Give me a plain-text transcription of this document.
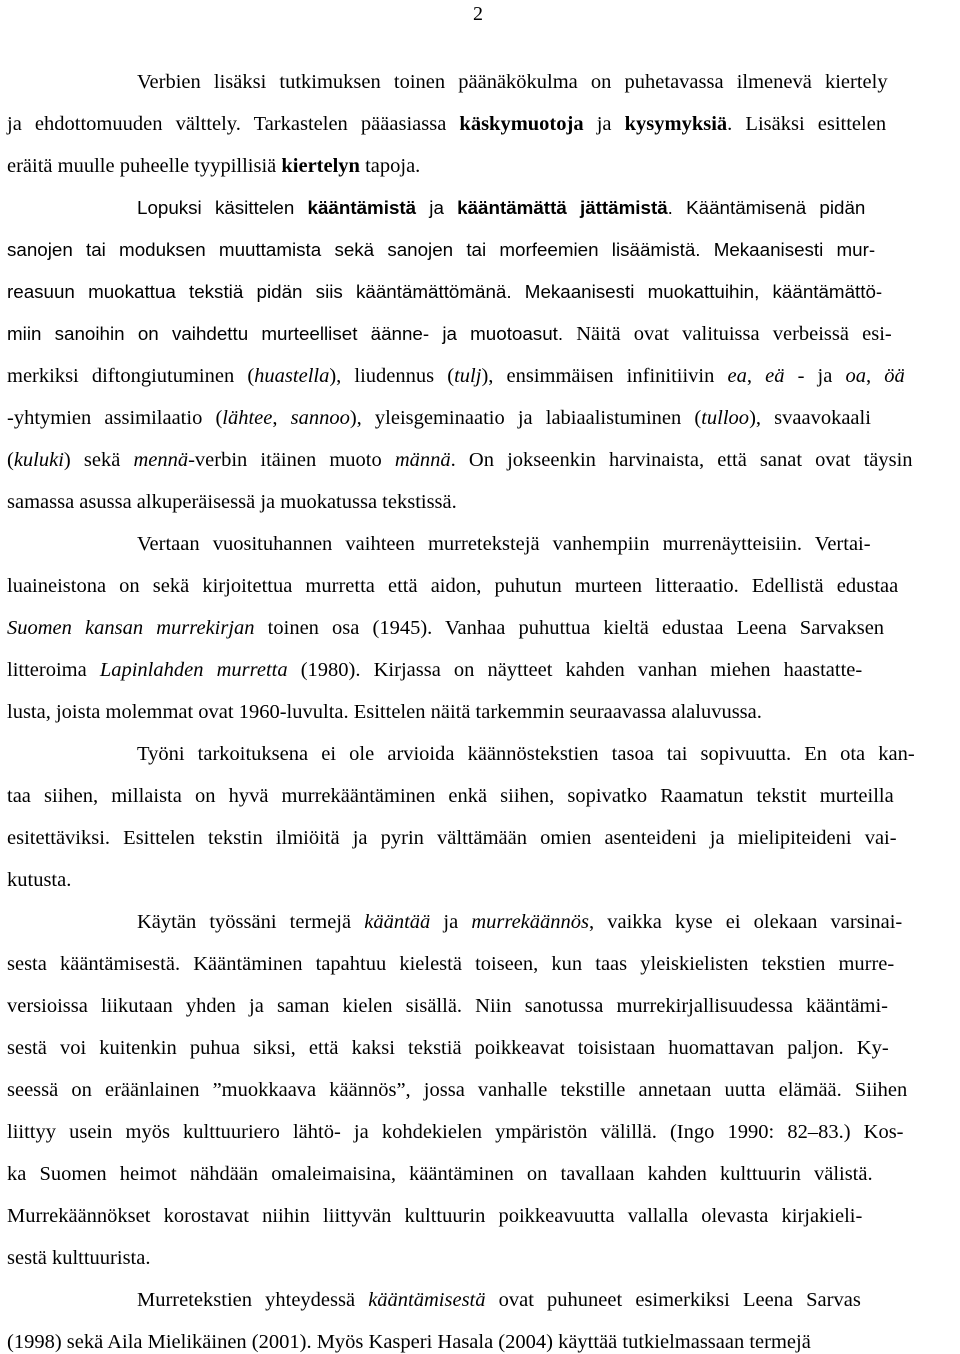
2
Verbien lisäksi tutkimuksen toinen päänäkökulma on puhetavassa ilmenevä kiertely
ja ehdottomuuden välttely. Tarkastelen pääasiassa käskymuotoja ja kysymyksiä. Lisäksi esittelen
eräitä muulle puheelle tyypillisiä kiertelyn tapoja.
Lopuksi käsittelen kääntämistä ja kääntämättä jättämistä. Kääntämisenä pidän
sanojen tai moduksen muuttamista sekä sanojen tai morfeemien lisäämistä. Mekaanisesti mur-
reasuun muokattua tekstiä pidän siis kääntämättömänä. Mekaanisesti muokattuihin, kääntämättö-
miin sanoihin on vaihdettu murteelliset äänne- ja muotoasut. Näitä ovat valituissa verbeissä esi-
merkiksi diftongiutuminen (huastella), liudennus (tulj), ensimmäisen infinitiivin ea, eä - ja oa, öä
-yhtymien assimilaatio (lähtee, sannoo), yleisgeminaatio ja labiaalistuminen (tulloo), svaavokaali
(kuluki) sekä mennä-verbin itäinen muoto männä. On jokseenkin harvinaista, että sanat ovat täysin
samassa asussa alkuperäisessä ja muokatussa tekstissä.
Vertaan vuosituhannen vaihteen murretekstejä vanhempiin murrenäytteisiin. Vertai-
luaineistona on sekä kirjoitettua murretta että aidon, puhutun murteen litteraatio. Edellistä edustaa
Suomen kansan murrekirjan toinen osa (1945). Vanhaa puhuttua kieltä edustaa Leena Sarvaksen
litteroima Lapinlahden murretta (1980). Kirjassa on näytteet kahden vanhan miehen haastatte-
lusta, joista molemmat ovat 1960-luvulta. Esittelen näitä tarkemmin seuraavassa alaluvussa.
Työni tarkoituksena ei ole arvioida käännöstekstien tasoa tai sopivuutta. En ota kan-
taa siihen, millaista on hyvä murrekääntäminen enkä siihen, sopivatko Raamatun tekstit murteilla
esitettäviksi. Esittelen tekstin ilmiöitä ja pyrin välttämään omien asenteideni ja mielipiteideni vai-
kutusta.
Käytän työssäni termejä kääntää ja murrekäännös, vaikka kyse ei olekaan varsinai-
sesta kääntämisestä. Kääntäminen tapahtuu kielestä toiseen, kun taas yleiskielisten tekstien murre-
versioissa liikutaan yhden ja saman kielen sisällä. Niin sanotussa murrekirjallisuudessa kääntämi-
sestä voi kuitenkin puhua siksi, että kaksi tekstiä poikkeavat toisistaan huomattavan paljon. Ky-
seessä on eräänlainen ”muokkaava käännös”, jossa vanhalle tekstille annetaan uutta elämää. Siihen
liittyy usein myös kulttuuriero lähtö- ja kohdekielen ympäristön välillä. (Ingo 1990: 82–83.) Kos-
ka Suomen heimot nähdään omaleimaisina, kääntäminen on tavallaan kahden kulttuurin välistä.
Murrekäännökset korostavat niihin liittyvän kulttuurin poikkeavuutta vallalla olevasta kirjakieli-
sestä kulttuurista.
Murretekstien yhteydessä kääntämisestä ovat puhuneet esimerkiksi Leena Sarvas
(1998) sekä Aila Mielikäinen (2001). Myös Kasperi Hasala (2004) käyttää tutkielmassaan termejä
